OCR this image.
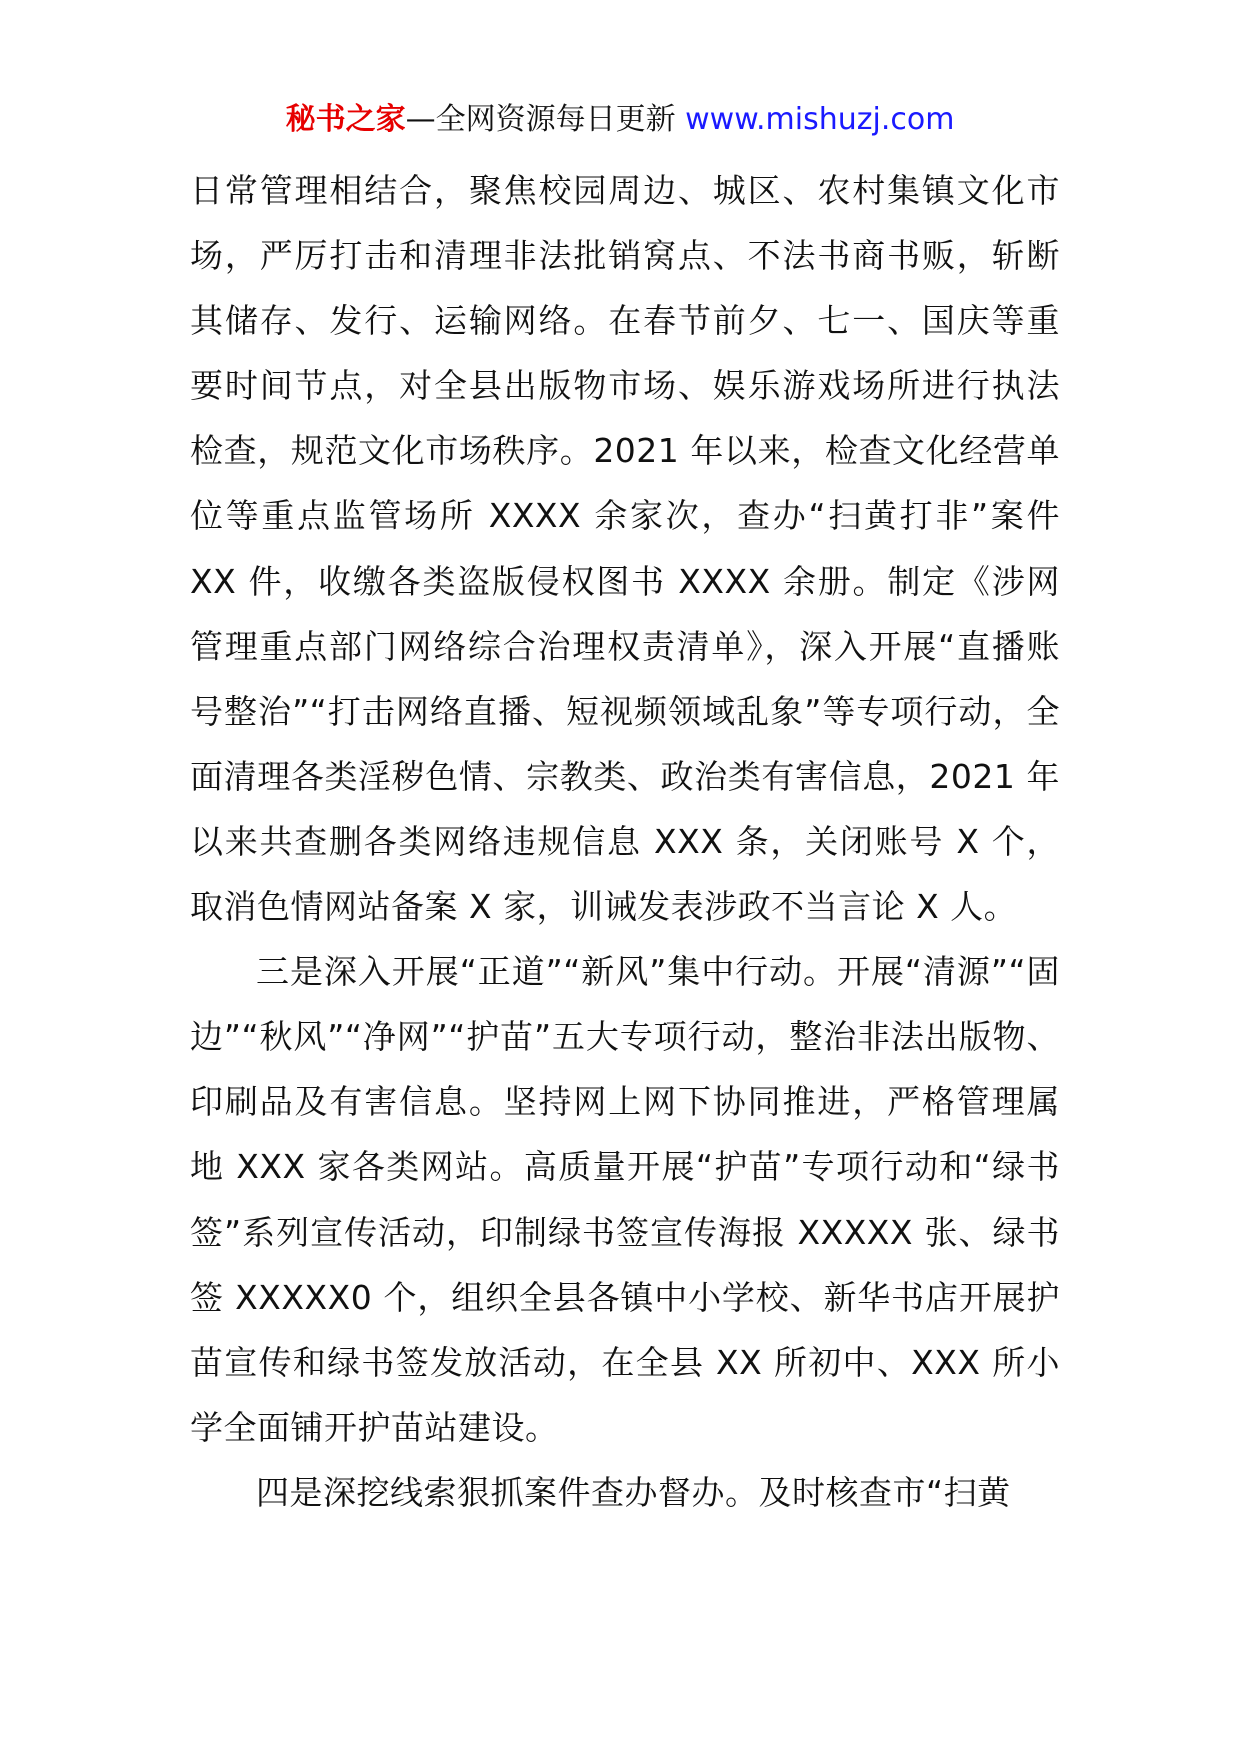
秘书之家—全网资源每日更新 www.mishuzj.com

日常管理相结合，聚焦校园周边、城区、农村集镇文化市场，严厉打击和清理非法批销窝点、不法书商书贩，斩断其储存、发行、运输网络。在春节前夕、七一、国庆等重要时间节点，对全县出版物市场、娱乐游戏场所进行执法检查，规范文化市场秩序。2021 年以来，检查文化经营单位等重点监管场所 XXXX 余家次，查办“扫黄打非”案件 XX 件，收缴各类盗版侵权图书 XXXX 余册。制定《涉网管理重点部门网络综合治理权责清单》，深入开展“直播账号整治”“打击网络直播、短视频领域乱象”等专项行动，全面清理各类淫秽色情、宗教类、政治类有害信息，2021 年以来共查删各类网络违规信息 XXX 条，关闭账号 X 个，取消色情网站备案 X 家，训诫发表涉政不当言论 X 人。

三是深入开展“正道”“新风”集中行动。开展“清源”“固边”“秋风”“净网”“护苗”五大专项行动，整治非法出版物、印刷品及有害信息。坚持网上网下协同推进，严格管理属地 XXX 家各类网站。高质量开展“护苗”专项行动和“绿书签”系列宣传活动，印制绿书签宣传海报 XXXXX 张、绿书签 XXXXX0 个，组织全县各镇中小学校、新华书店开展护苗宣传和绿书签发放活动，在全县 XX 所初中、XXX 所小学全面铺开护苗站建设。

四是深挖线索狠抓案件查办督办。及时核查市“扫黄
